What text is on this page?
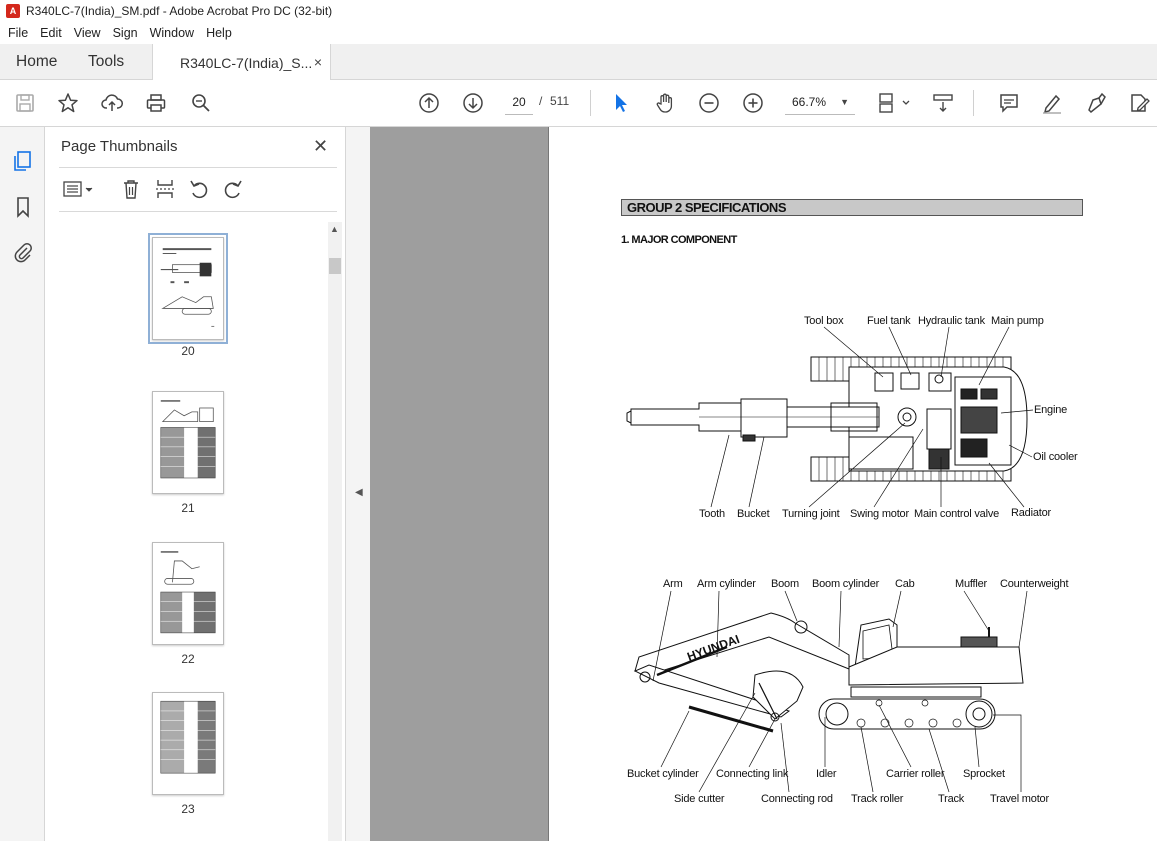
A R340LC-7(India)_SM.pdf - Adobe Acrobat Pro DC (32-bit)
File Edit View Sign Window Help
Home Tools	R340LC-7(India)_S... ×
20	/ 511	66.7% ▼
Page Thumbnails	✕
20
21
22
23
▲
◀
GROUP 2 SPECIFICATIONS
1. MAJOR COMPONENT
HYUNDAI
Tool box Fuel tank Hydraulic tank Main pump
Engine
Oil cooler
Radiator
Main control valve
Swing motor
Turning joint
Bucket
Tooth
Arm Arm cylinder Boom Boom cylinder Cab	Muffler Counterweight
Bucket cylinder Connecting link	Idler	Carrier roller Sprocket
Side cutter	Connecting rod Track roller	Track Travel motor
